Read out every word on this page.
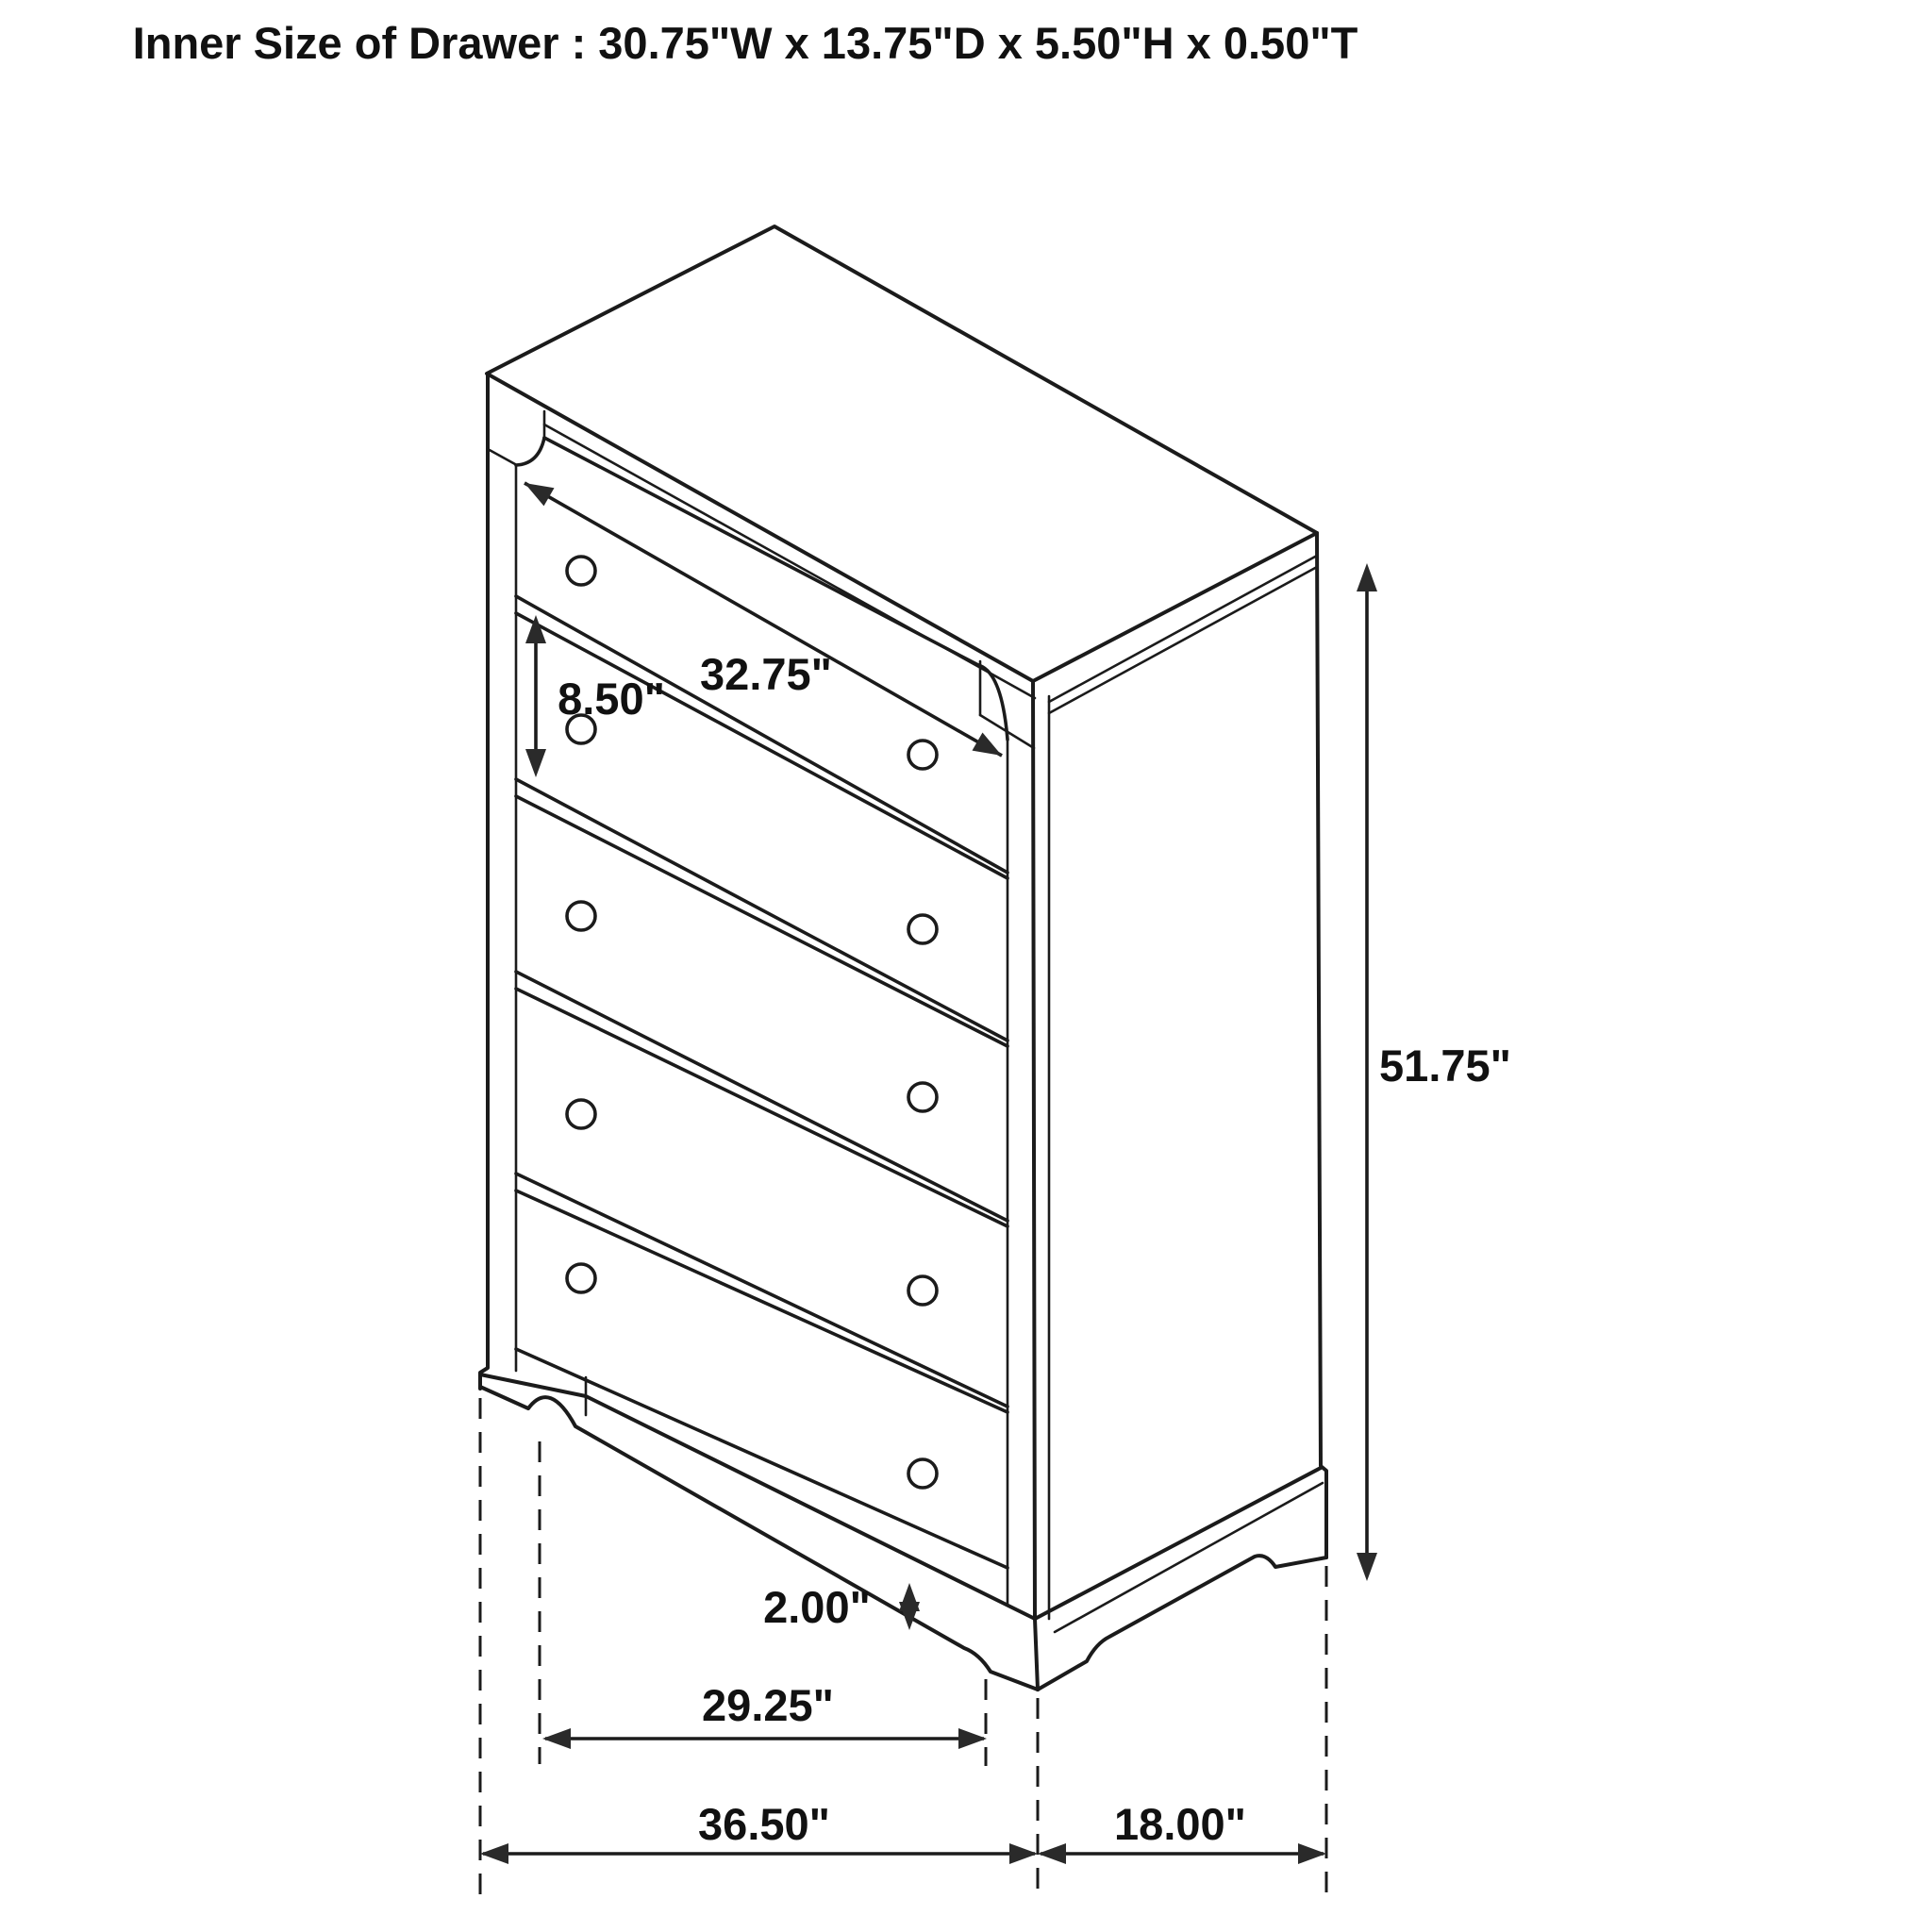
Inner Size of Drawer : 30.75"W x 13.75"D x 5.50"H x 0.50"T
32.75"
8.50"
51.75"
2.00"
29.25"
36.50"	18.00"
